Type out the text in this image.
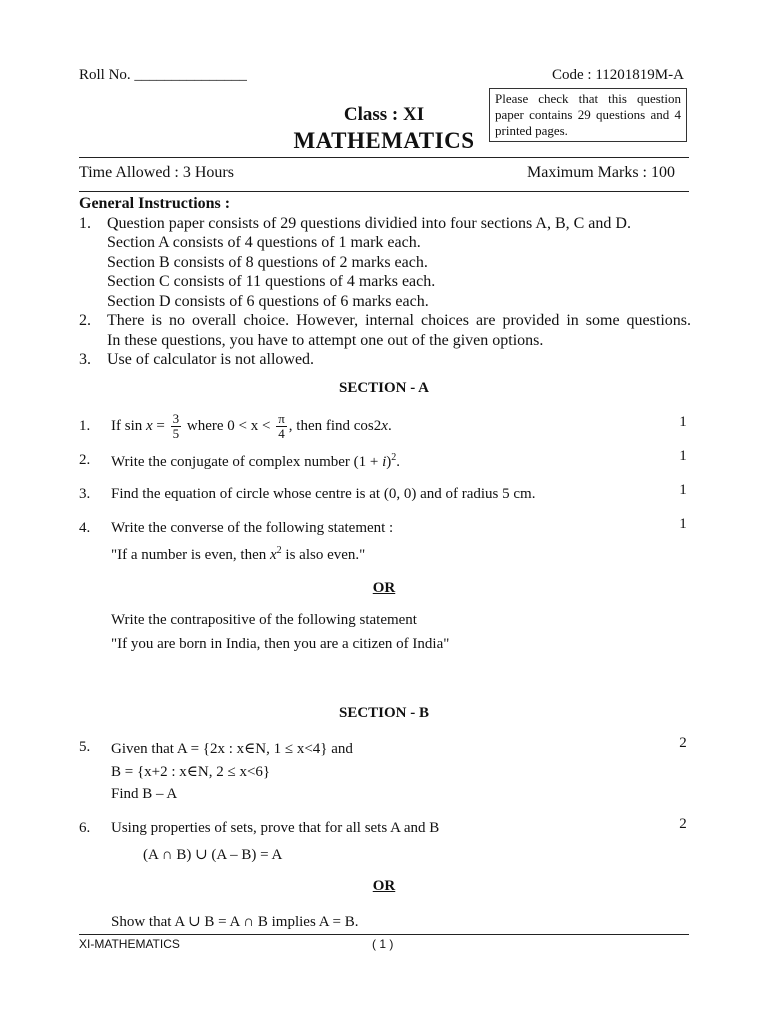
Roll No. _______________	Code : 11201819M-A
Class : XI
MATHEMATICS
Please check that this question paper contains 29 questions and 4 printed pages.
Time Allowed : 3 Hours	Maximum Marks : 100
General Instructions :
1.	Question paper consists of 29 questions dividied into four sections A, B, C and D.
Section A consists of 4 questions of 1 mark each.
Section B consists of 8 questions of 2 marks each.
Section C consists of 11 questions of 4 marks each.
Section D consists of 6 questions of 6 marks each.
2.	There is no overall choice. However, internal choices are provided in some questions.
In these questions, you have to attempt one out of the given options.
3.	Use of calculator is not allowed.
SECTION - A
1. If $\sin x = \frac{3}{5}$ where $0 < x < \frac{\pi}{4}$ , then find cos2x.	1
2. Write the conjugate of complex number $(1 + i)^2$.	1
3. Find the equation of circle whose centre is at (0, 0) and of radius 5 cm.	1
4. Write the converse of the following statement :
"If a number is even, then $x^2$ is also even."
1
OR
Write the contrapositive of the following statement
"If you are born in India, then you are a citizen of India"
SECTION - B
5. Given that A = {2x : x∈N, 1 ≤ x<4} and
B = {x+2 : x∈N, 2 ≤ x<6}
Find B – A
2
6. Using properties of sets, prove that for all sets A and B
(A ∩ B) ∪ (A – B) = A
2
OR
Show that A ∪ B = A ∩ B implies A = B.
XI-MATHEMATICS	( 1 )
